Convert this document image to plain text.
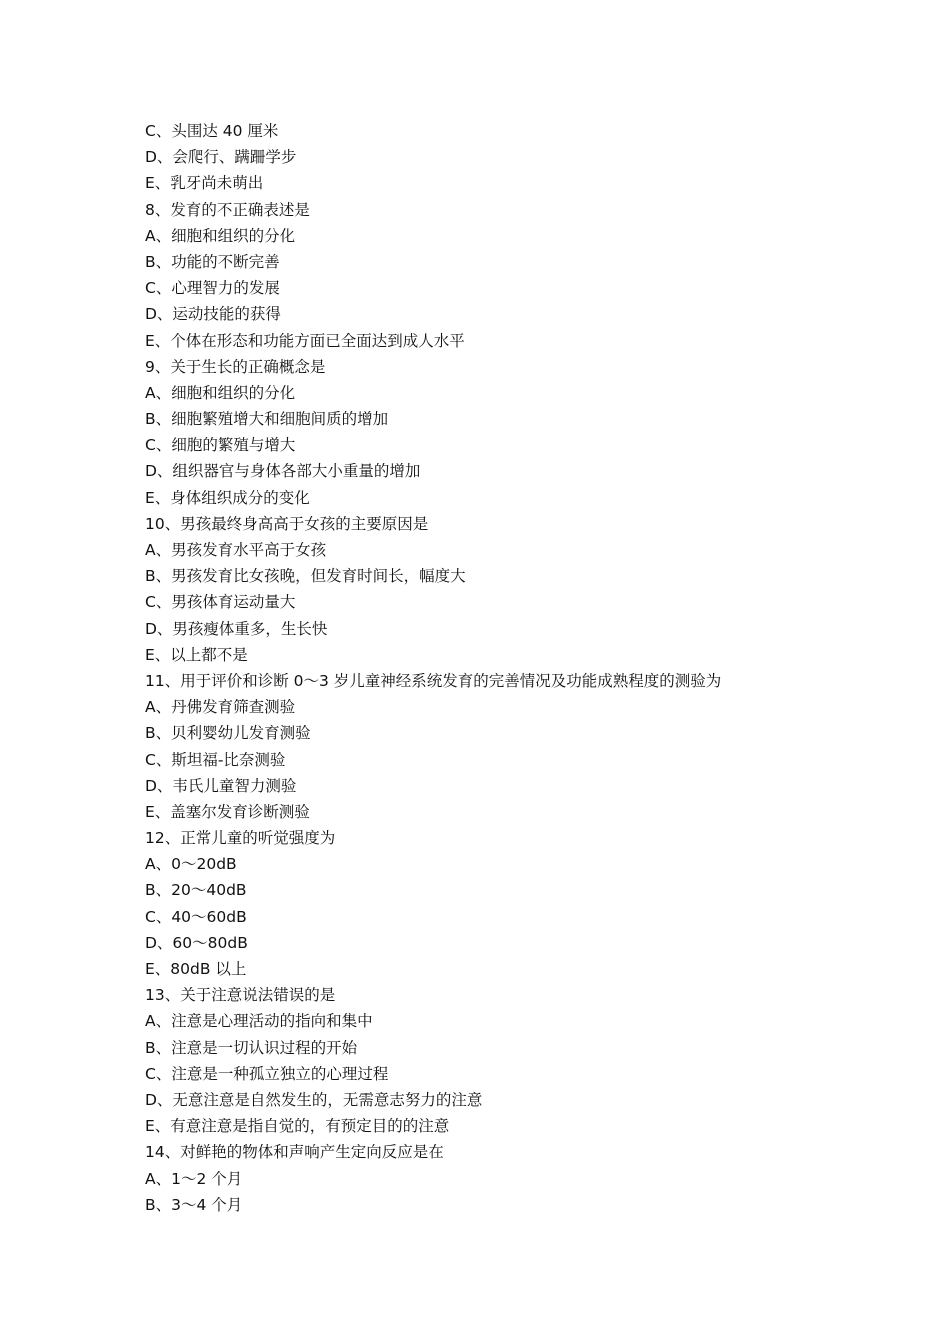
C、头围达 40 厘米
D、会爬行、蹒跚学步
E、乳牙尚未萌出
8、发育的不正确表述是
A、细胞和组织的分化
B、功能的不断完善
C、心理智力的发展
D、运动技能的获得
E、个体在形态和功能方面已全面达到成人水平
9、关于生长的正确概念是
A、细胞和组织的分化
B、细胞繁殖增大和细胞间质的增加
C、细胞的繁殖与增大
D、组织器官与身体各部大小重量的增加
E、身体组织成分的变化
10、男孩最终身高高于女孩的主要原因是
A、男孩发育水平高于女孩
B、男孩发育比女孩晚，但发育时间长，幅度大
C、男孩体育运动量大
D、男孩瘦体重多，生长快
E、以上都不是
11、用于评价和诊断 0～3 岁儿童神经系统发育的完善情况及功能成熟程度的测验为
A、丹佛发育筛查测验
B、贝利婴幼儿发育测验
C、斯坦福-比奈测验
D、韦氏儿童智力测验
E、盖塞尔发育诊断测验
12、正常儿童的听觉强度为
A、0～20dB
B、20～40dB
C、40～60dB
D、60～80dB
E、80dB 以上
13、关于注意说法错误的是
A、注意是心理活动的指向和集中
B、注意是一切认识过程的开始
C、注意是一种孤立独立的心理过程
D、无意注意是自然发生的，无需意志努力的注意
E、有意注意是指自觉的，有预定目的的注意
14、对鲜艳的物体和声响产生定向反应是在
A、1～2 个月
B、3～4 个月
